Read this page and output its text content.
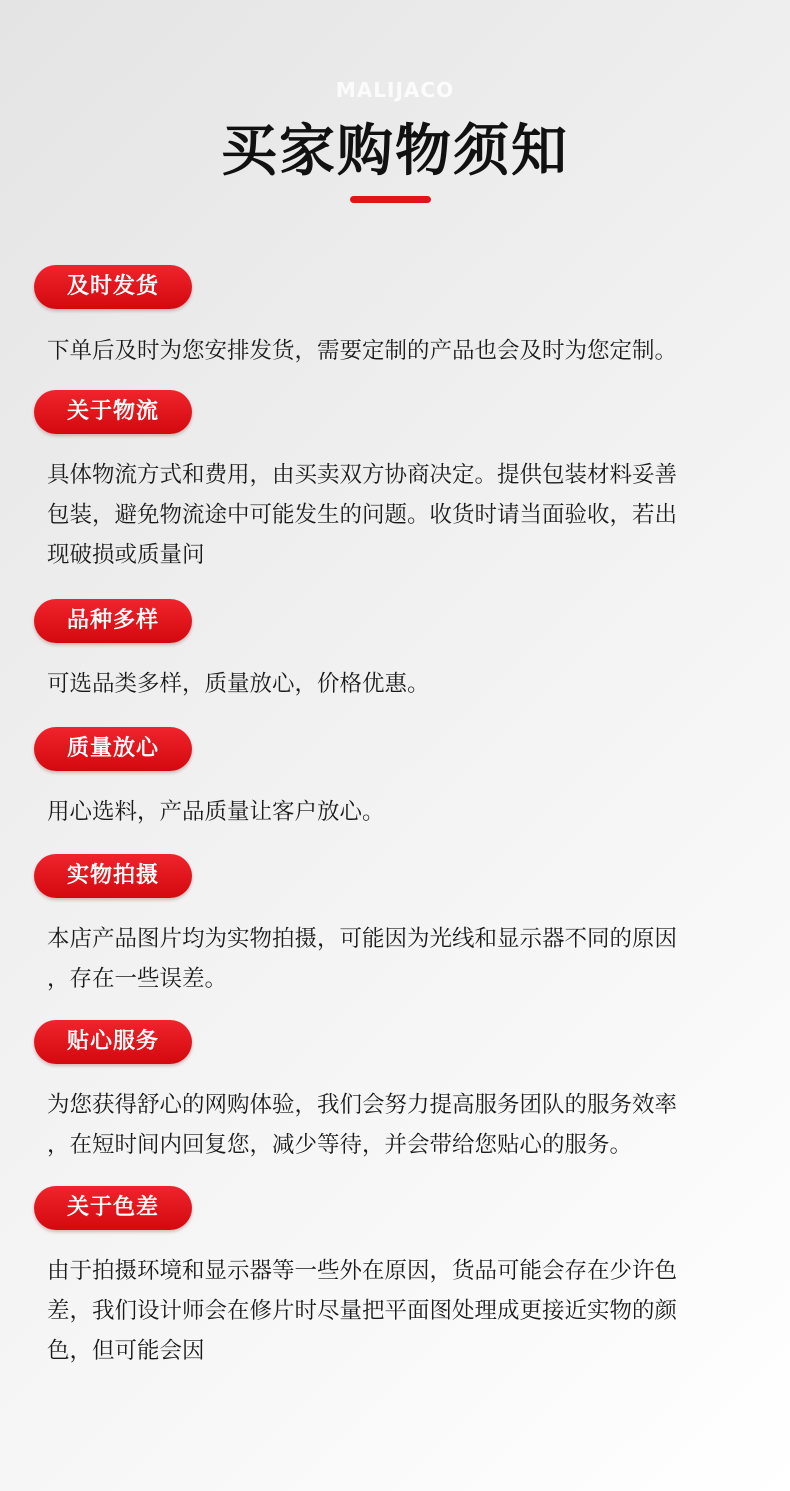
MALIJACO
买家购物须知
及时发货
下单后及时为您安排发货，需要定制的产品也会及时为您定制。
关于物流
具体物流方式和费用，由买卖双方协商决定。提供包装材料妥善
包装，避免物流途中可能发生的问题。收货时请当面验收，若出
现破损或质量问
品种多样
可选品类多样，质量放心，价格优惠。
质量放心
用心选料，产品质量让客户放心。
实物拍摄
本店产品图片均为实物拍摄，可能因为光线和显示器不同的原因
，存在一些误差。
贴心服务
为您获得舒心的网购体验，我们会努力提高服务团队的服务效率
，在短时间内回复您，减少等待，并会带给您贴心的服务。
关于色差
由于拍摄环境和显示器等一些外在原因，货品可能会存在少许色
差，我们设计师会在修片时尽量把平面图处理成更接近实物的颜
色，但可能会因
